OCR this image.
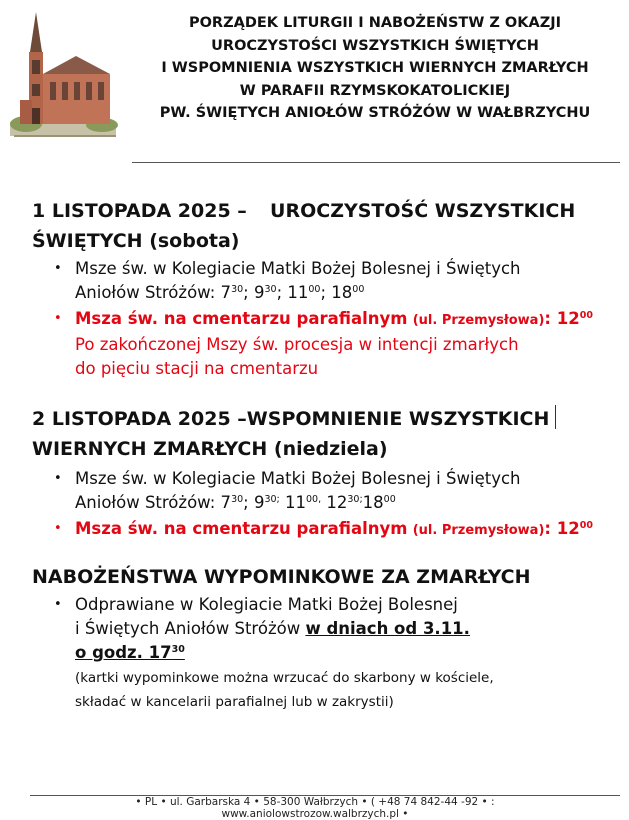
PORZĄDEK LITURGII I NABOŻEŃSTW Z OKAZJI
UROCZYSTOŚCI WSZYSTKICH ŚWIĘTYCH
I WSPOMNIENIA WSZYSTKICH WIERNYCH ZMARŁYCH
W PARAFII RZYMSKOKATOLICKIEJ
PW. ŚWIĘTYCH ANIOŁÓW STRÓŻÓW W WAŁBRZYCHU
1 LISTOPADA 2025 – UROCZYSTOŚĆ WSZYSTKICH
ŚWIĘTYCH (sobota)
• Msze św. w Kolegiacie Matki Bożej Bolesnej i Świętych
Aniołów Stróżów: $7^{30}$; $9^{30}$; $11^{00}$; $18^{00}$
• Msza św. na cmentarzu parafialnym (ul. Przemysłowa): $12^{00}$
Po zakończonej Mszy św. procesja w intencji zmarłych
do pięciu stacji na cmentarzu
2 LISTOPADA 2025 –WSPOMNIENIE WSZYSTKICH
WIERNYCH ZMARŁYCH (niedziela)
• Msze św. w Kolegiacie Matki Bożej Bolesnej i Świętych
Aniołów Stróżów: $7^{30}$; $9^{30;}$ $11^{00,}$ $12^{30;}18^{00}$
• Msza św. na cmentarzu parafialnym (ul. Przemysłowa): $12^{00}$
NABOŻEŃSTWA WYPOMINKOWE ZA ZMARŁYCH
• Odprawiane w Kolegiacie Matki Bożej Bolesnej
i Świętych Aniołów Stróżów w dniach od 3.11.
o godz. $17^{30}$
(kartki wypominkowe można wrzucać do skarbony w kościele,
składać w kancelarii parafialnej lub w zakrystii)
• PL • ul. Garbarska 4 • 58-300 Wałbrzych • ( +48 74 842-44 -92 • :
www.aniolowstrozow.walbrzych.pl •
